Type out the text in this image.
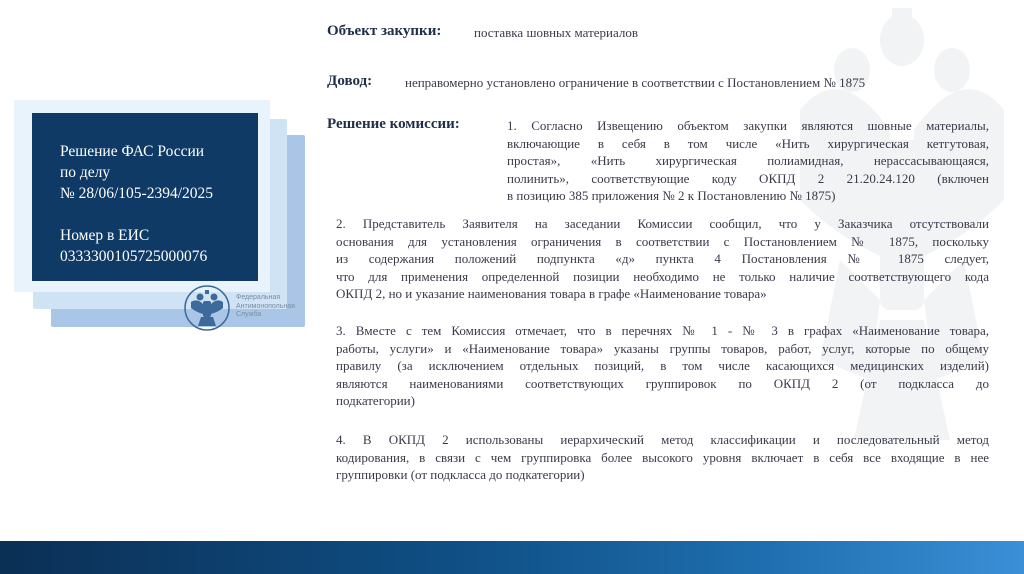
Решение ФАС России
по делу
№ 28/06/105-2394/2025
Номер в ЕИС
0333300105725000076
Федеральная
Антимонопольная
Служба
Объект закупки:	поставка шовных материалов
Довод:	неправомерно установлено ограничение в соответствии с Постановлением № 1875
Решение комиссии:	1. Согласно Извещению объектом закупки являются шовные материалы,
включающие в себя в том числе «Нить хирургическая кетгутовая,
простая», «Нить хирургическая полиамидная, нерассасывающаяся,
полинить», соответствующие коду ОКПД 2 21.20.24.120 (включен
в позицию 385 приложения № 2 к Постановлению № 1875)
2. Представитель Заявителя на заседании Комиссии сообщил, что у Заказчика отсутствовали
основания для установления ограничения в соответствии с Постановлением № 1875, поскольку
из содержания положений подпункта «д» пункта 4 Постановления № 1875 следует,
что для применения определенной позиции необходимо не только наличие соответствующего кода
ОКПД 2, но и указание наименования товара в графе «Наименование товара»
3. Вместе с тем Комиссия отмечает, что в перечнях № 1 - № 3 в графах «Наименование товара,
работы, услуги» и «Наименование товара» указаны группы товаров, работ, услуг, которые по общему
правилу (за исключением отдельных позиций, в том числе касающихся медицинских изделий)
являются наименованиями соответствующих группировок по ОКПД 2 (от подкласса до
подкатегории)
4. В ОКПД 2 использованы иерархический метод классификации и последовательный метод
кодирования, в связи с чем группировка более высокого уровня включает в себя все входящие в нее
группировки (от подкласса до подкатегории)
